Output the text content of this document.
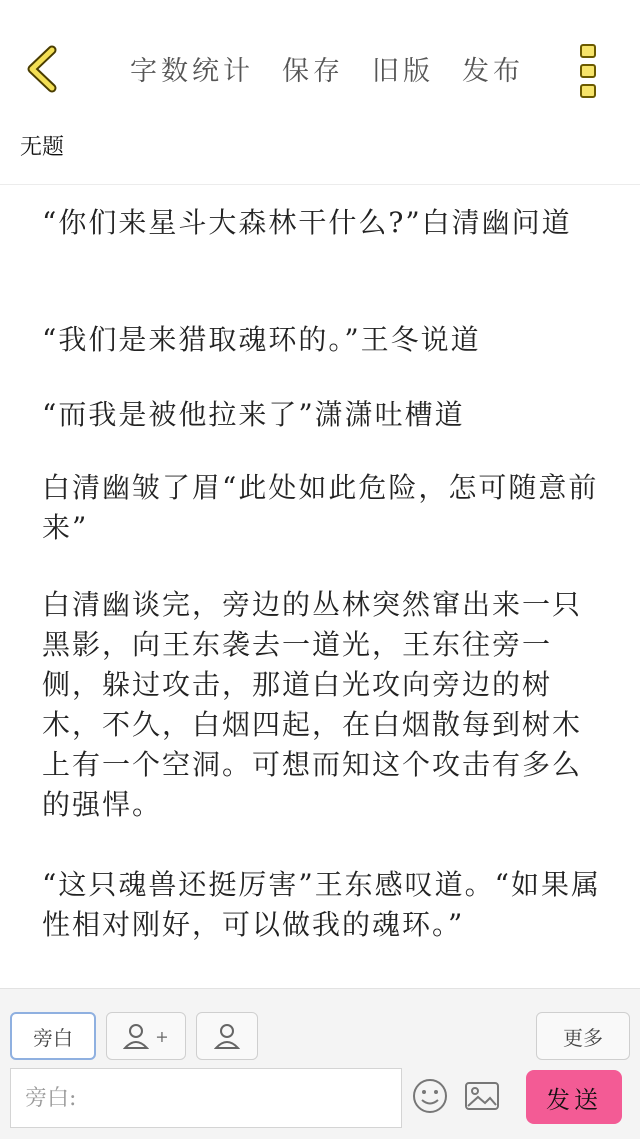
字数统计 保存 旧版 发布
无题

“你们来星斗大森林干什么?”白清幽问道

“我们是来猎取魂环的。”王冬说道

“而我是被他拉来了”潇潇吐槽道

白清幽皱了眉“此处如此危险，怎可随意前来”

白清幽谈完，旁边的丛林突然窜出来一只黑影，向王东袭去一道光，王东往旁一侧，躲过攻击，那道白光攻向旁边的树木，不久，白烟四起，在白烟散每到树木上有一个空洞。可想而知这个攻击有多么的强悍。

“这只魂兽还挺厉害”王东感叹道。“如果属性相对刚好，可以做我的魂环。”

旁白	+	更多
旁白:
发送
